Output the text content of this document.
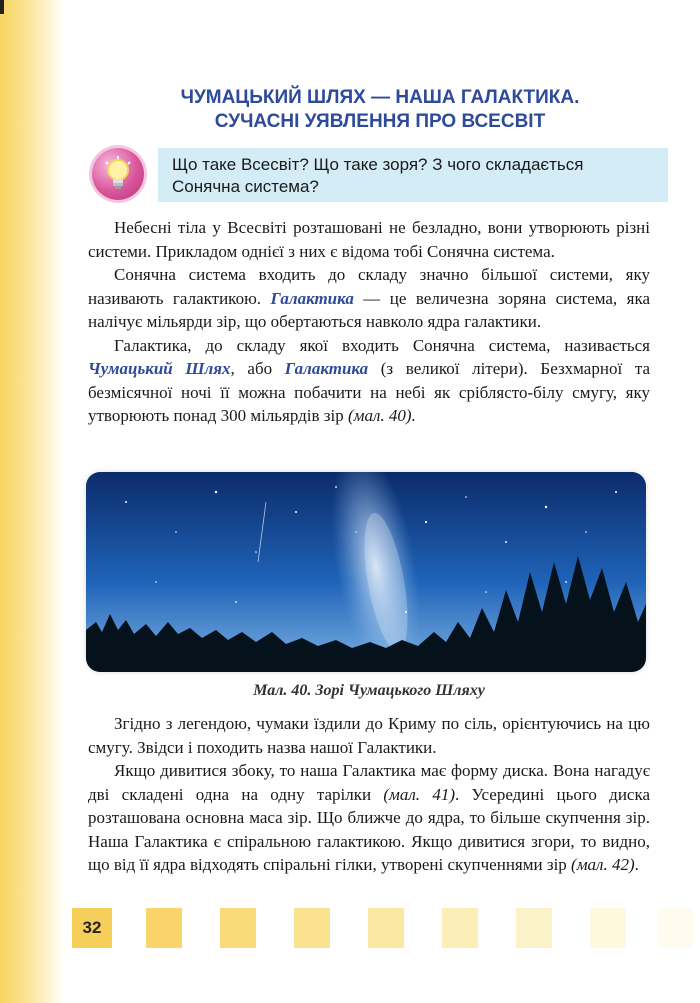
ЧУМАЦЬКИЙ ШЛЯХ — НАША ГАЛАКТИКА.
СУЧАСНІ УЯВЛЕННЯ ПРО ВСЕСВІТ
Що таке Всесвіт? Що таке зоря? З чого складається Сонячна система?

Небесні тіла у Всесвіті розташовані не безладно, вони утворюють різні системи. Прикладом однієї з них є відома тобі Сонячна система.

Сонячна система входить до складу значно більшої системи, яку називають галактикою. Галактика — це величезна зоряна система, яка налічує мільярди зір, що обертаються навколо ядра галактики.

Галактика, до складу якої входить Сонячна система, називається Чумацький Шлях, або Галактика (з великої літери). Безхмарної та безмісячної ночі її можна побачити на небі як сріблясто-білу смугу, яку утворюють понад 300 мільярдів зір (мал. 40).

Мал. 40. Зорі Чумацького Шляху

Згідно з легендою, чумаки їздили до Криму по сіль, орієнтуючись на цю смугу. Звідси і походить назва нашої Галактики.

Якщо дивитися збоку, то наша Галактика має форму диска. Вона нагадує дві складені одна на одну тарілки (мал. 41). Усередині цього диска розташована основна маса зір. Що ближче до ядра, то більше скупчення зір. Наша Галактика є спіральною галактикою. Якщо дивитися згори, то видно, що від її ядра відходять спіральні гілки, утворені скупченнями зір (мал. 42).

32
